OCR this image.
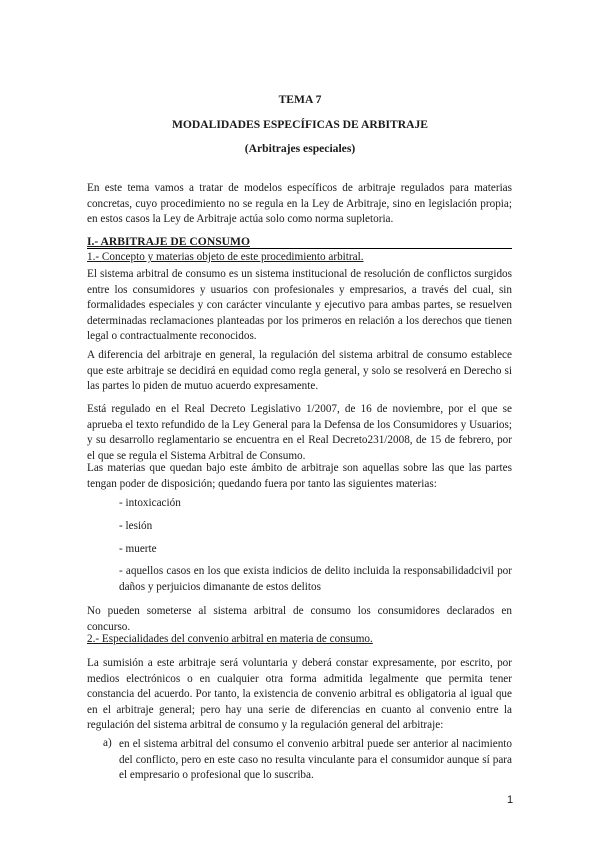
TEMA 7
MODALIDADES ESPECÍFICAS DE ARBITRAJE
(Arbitrajes especiales)

En este tema vamos a tratar de modelos específicos de arbitraje regulados para materias concretas, cuyo procedimiento no se regula en la Ley de Arbitraje, sino en legislación propia; en estos casos la Ley de Arbitraje actúa solo como norma supletoria.

I.- ARBITRAJE DE CONSUMO
1.- Concepto y materias objeto de este procedimiento arbitral.

El sistema arbitral de consumo es un sistema institucional de resolución de conflictos surgidos entre los consumidores y usuarios con profesionales y empresarios, a través del cual, sin formalidades especiales y con carácter vinculante y ejecutivo para ambas partes, se resuelven determinadas reclamaciones planteadas por los primeros en relación a los derechos que tienen legal o contractualmente reconocidos.

A diferencia del arbitraje en general, la regulación del sistema arbitral de consumo establece que este arbitraje se decidirá en equidad como regla general, y solo se resolverá en Derecho si las partes lo piden de mutuo acuerdo expresamente.

Está regulado en el Real Decreto Legislativo 1/2007, de 16 de noviembre, por el que se aprueba el texto refundido de la Ley General para la Defensa de los Consumidores y Usuarios; y su desarrollo reglamentario se encuentra en el Real Decreto231/2008, de 15 de febrero, por el que se regula el Sistema Arbitral de Consumo.

Las materias que quedan bajo este ámbito de arbitraje son aquellas sobre las que las partes tengan poder de disposición; quedando fuera por tanto las siguientes materias:

- intoxicación

- lesión

- muerte

- aquellos casos en los que exista indicios de delito incluida la responsabilidadcivil por daños y perjuicios dimanante de estos delitos

No pueden someterse al sistema arbitral de consumo los consumidores declarados en concurso.

2.- Especialidades del convenio arbitral en materia de consumo.

La sumisión a este arbitraje será voluntaria y deberá constar expresamente, por escrito, por medios electrónicos o en cualquier otra forma admitida legalmente que permita tener constancia del acuerdo. Por tanto, la existencia de convenio arbitral es obligatoria al igual que en el arbitraje general; pero hay una serie de diferencias en cuanto al convenio entre la regulación del sistema arbitral de consumo y la regulación general del arbitraje:

a) en el sistema arbitral del consumo el convenio arbitral puede ser anterior al nacimiento del conflicto, pero en este caso no resulta vinculante para el consumidor aunque sí para el empresario o profesional que lo suscriba.

1
